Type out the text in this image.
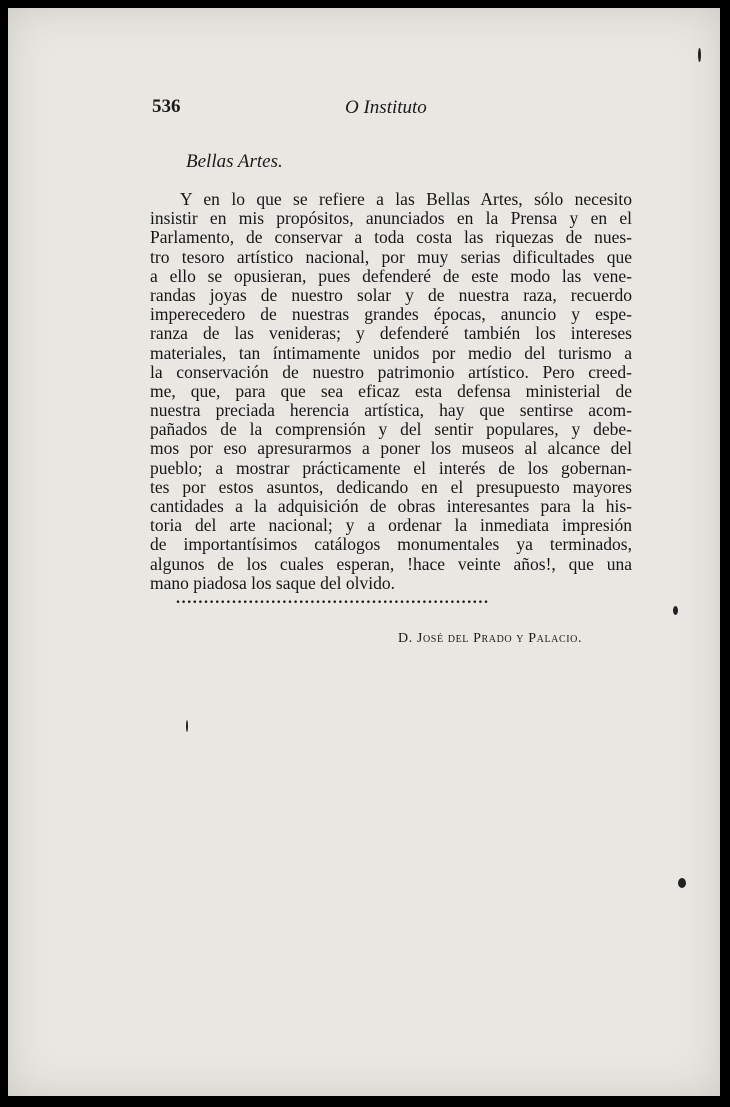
536	O Instituto
Bellas Artes.

Y en lo que se refiere a las Bellas Artes, sólo necesito
insistir en mis propósitos, anunciados en la Prensa y en el
Parlamento, de conservar a toda costa las riquezas de nues-
tro tesoro artístico nacional, por muy serias dificultades que
a ello se opusieran, pues defenderé de este modo las vene-
randas joyas de nuestro solar y de nuestra raza, recuerdo
imperecedero de nuestras grandes épocas, anuncio y espe-
ranza de las venideras; y defenderé también los intereses
materiales, tan íntimamente unidos por medio del turismo a
la conservación de nuestro patrimonio artístico. Pero creed-
me, que, para que sea eficaz esta defensa ministerial de
nuestra preciada herencia artística, hay que sentirse acom-
pañados de la comprensión y del sentir populares, y debe-
mos por eso apresurarmos a poner los museos al alcance del
pueblo; a mostrar prácticamente el interés de los gobernan-
tes por estos asuntos, dedicando en el presupuesto mayores
cantidades a la adquisición de obras interesantes para la his-
toria del arte nacional; y a ordenar la inmediata impresión
de importantísimos catálogos monumentales ya terminados,
algunos de los cuales esperan, !hace veinte años!, que una
mano piadosa los saque del olvido.

........................................................
D. José del Prado y Palacio.
